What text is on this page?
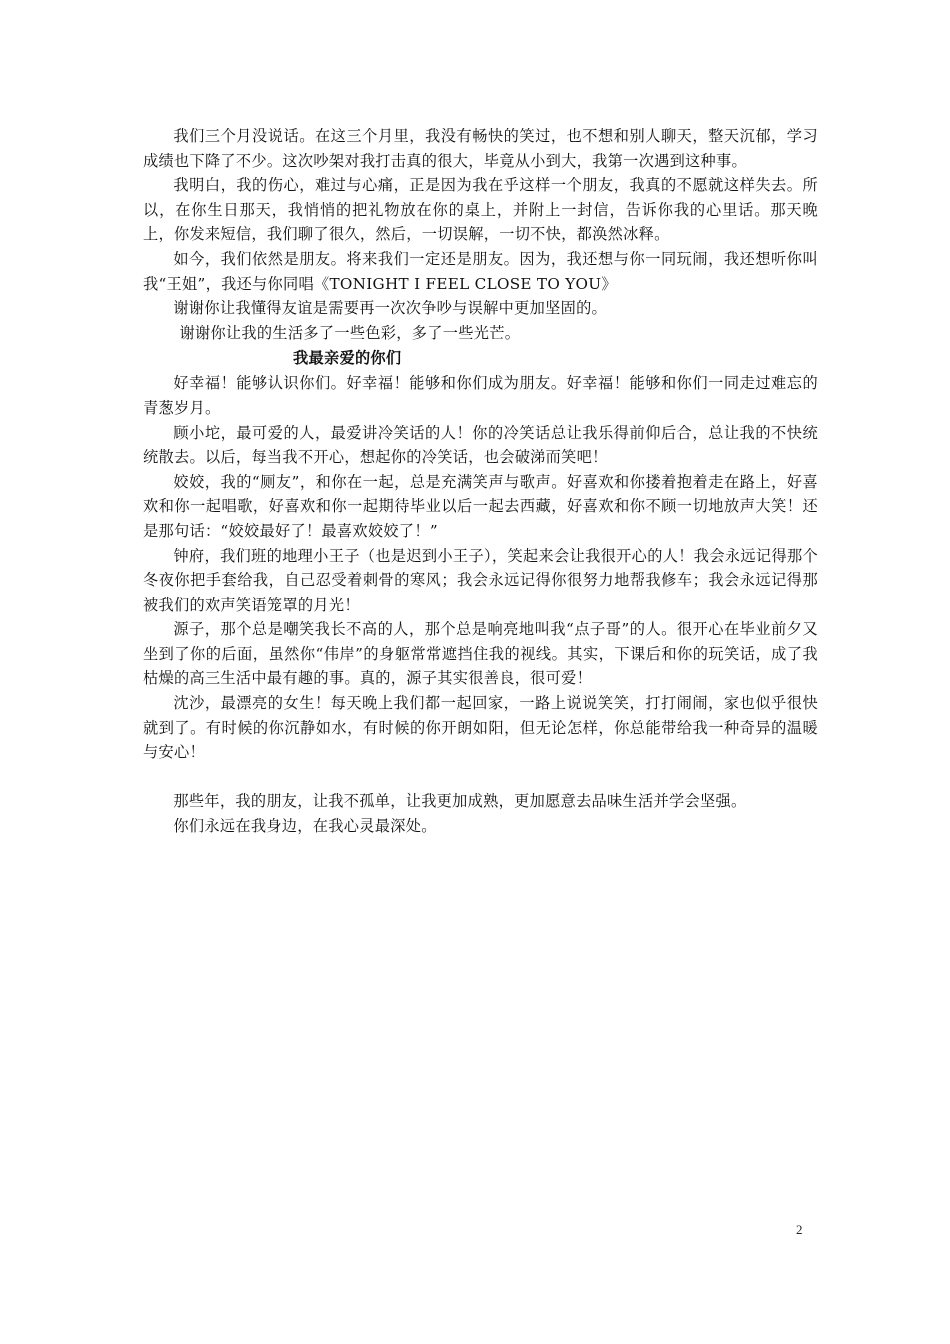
我们三个月没说话。在这三个月里，我没有畅快的笑过，也不想和别人聊天，整天沉郁，学习成绩也下降了不少。这次吵架对我打击真的很大，毕竟从小到大，我第一次遇到这种事。

我明白，我的伤心，难过与心痛，正是因为我在乎这样一个朋友，我真的不愿就这样失去。所以，在你生日那天，我悄悄的把礼物放在你的桌上，并附上一封信，告诉你我的心里话。那天晚上，你发来短信，我们聊了很久，然后，一切误解，一切不快，都涣然冰释。

如今，我们依然是朋友。将来我们一定还是朋友。因为，我还想与你一同玩闹，我还想听你叫我“王姐”，我还与你同唱《TONIGHT I FEEL CLOSE TO YOU》

谢谢你让我懂得友谊是需要再一次次争吵与误解中更加坚固的。

谢谢你让我的生活多了一些色彩，多了一些光芒。

我最亲爱的你们

好幸福！能够认识你们。好幸福！能够和你们成为朋友。好幸福！能够和你们一同走过难忘的青葱岁月。

顾小坨，最可爱的人，最爱讲冷笑话的人！你的冷笑话总让我乐得前仰后合，总让我的不快统统散去。以后，每当我不开心，想起你的冷笑话，也会破涕而笑吧！

姣姣，我的“厕友”，和你在一起，总是充满笑声与歌声。好喜欢和你搂着抱着走在路上，好喜欢和你一起唱歌，好喜欢和你一起期待毕业以后一起去西藏，好喜欢和你不顾一切地放声大笑！还是那句话：“姣姣最好了！最喜欢姣姣了！”

钟府，我们班的地理小王子（也是迟到小王子），笑起来会让我很开心的人！我会永远记得那个冬夜你把手套给我，自己忍受着刺骨的寒风；我会永远记得你很努力地帮我修车；我会永远记得那被我们的欢声笑语笼罩的月光！

源子，那个总是嘲笑我长不高的人，那个总是响亮地叫我“点子哥”的人。很开心在毕业前夕又坐到了你的后面，虽然你“伟岸”的身躯常常遮挡住我的视线。其实，下课后和你的玩笑话，成了我枯燥的高三生活中最有趣的事。真的，源子其实很善良，很可爱！

沈沙，最漂亮的女生！每天晚上我们都一起回家，一路上说说笑笑，打打闹闹，家也似乎很快就到了。有时候的你沉静如水，有时候的你开朗如阳，但无论怎样，你总能带给我一种奇异的温暖与安心！

那些年，我的朋友，让我不孤单，让我更加成熟，更加愿意去品味生活并学会坚强。

你们永远在我身边，在我心灵最深处。

2
